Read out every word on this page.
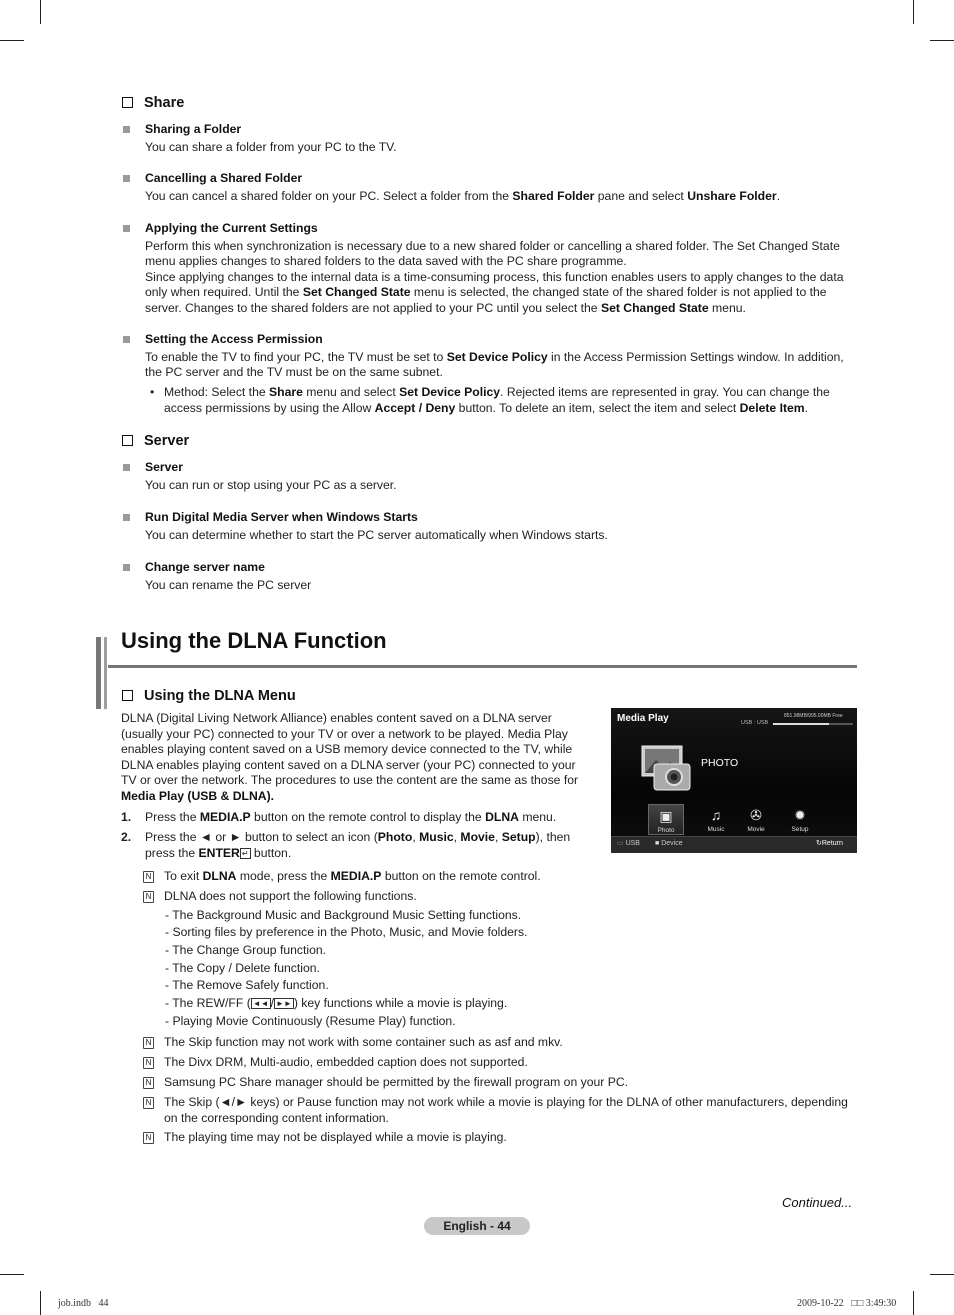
Share
Sharing a Folder

You can share a folder from your PC to the TV.

Cancelling a Shared Folder

You can cancel a shared folder on your PC. Select a folder from the Shared Folder pane and select Unshare Folder.

Applying the Current Settings

Perform this when synchronization is necessary due to a new shared folder or cancelling a shared folder. The Set Changed State menu applies changes to shared folders to the data saved with the PC share programme.
Since applying changes to the internal data is a time-consuming process, this function enables users to apply changes to the data only when required. Until the Set Changed State menu is selected, the changed state of the shared folder is not applied to the server. Changes to the shared folders are not applied to your PC until you select the Set Changed State menu.

Setting the Access Permission

To enable the TV to find your PC, the TV must be set to Set Device Policy in the Access Permission Settings window. In addition, the PC server and the TV must be on the same subnet.

• Method: Select the Share menu and select Set Device Policy. Rejected items are represented in gray. You can change the access permissions by using the Allow Accept / Deny button. To delete an item, select the item and select Delete Item.

Server
Server

You can run or stop using your PC as a server.

Run Digital Media Server when Windows Starts

You can determine whether to start the PC server automatically when Windows starts.

Change server name

You can rename the PC server

Using the DLNA Function
Using the DLNA Menu
DLNA (Digital Living Network Alliance) enables content saved on a DLNA server (usually your PC) connected to your TV or over a network to be played. Media Play enables playing content saved on a USB memory device connected to the TV, while DLNA enables playing content saved on a DLNA server (your PC) connected to your TV or over the network. The procedures to use the content are the same as those for Media Play (USB & DLNA).
1. Press the MEDIA.P button on the remote control to display the DLNA menu.
2. Press the ◄ or ► button to select an icon (Photo, Music, Movie, Setup), then press the ENTER ↵ button.
N To exit DLNA mode, press the MEDIA.P button on the remote control.
N DLNA does not support the following functions.
- The Background Music and Background Music Setting functions.
- Sorting files by preference in the Photo, Music, and Movie folders.
- The Change Group function.
- The Copy / Delete function.
- The Remove Safely function.
- The REW/FF ( ◄◄ / ►► ) key functions while a movie is playing.
- Playing Movie Continuously (Resume Play) function.
N The Skip function may not work with some container such as asf and mkv.
N The Divx DRM, Multi-audio, embedded caption does not supported.
N Samsung PC Share manager should be permitted by the firewall program on your PC.
N The Skip (◄/► keys) or Pause function may not work while a movie is playing for the DLNA of other manufacturers, depending on the corresponding content information.
N The playing time may not be displayed while a movie is playing.
Media Play	851.98MB/995.00MB Free
USB : USB
PHOTO
▣
Photo
♫
Music
✇
Movie
✹
Setup
▭ USB ■ Device	↻Return
Continued...
English - 44
job.indb   44	2009-10-22   □□ 3:49:30
